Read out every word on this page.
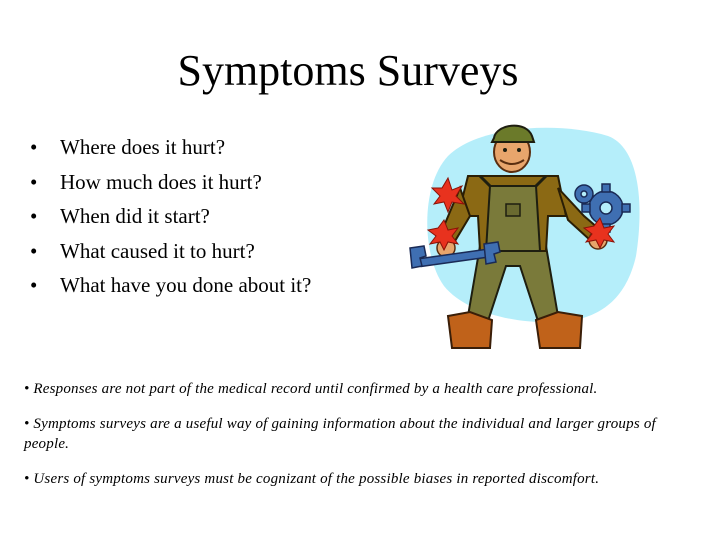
Symptoms Surveys
•	Where does it hurt?
•	How much does it hurt?
•	When did it start?
•	What caused it to hurt?
•	What have you done about it?

• Responses are not part of the medical record until confirmed by a health care professional.

• Symptoms surveys are a useful way of gaining information about the individual and larger groups of people.

• Users of symptoms surveys must be cognizant of the possible biases in reported discomfort.
